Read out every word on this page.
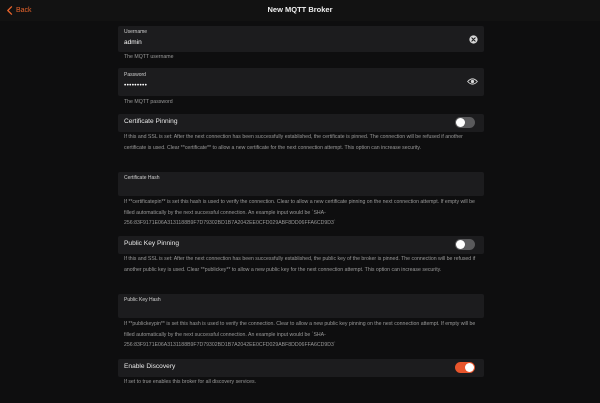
Back	New MQTT Broker
Username
admin
The MQTT username
Password
•••••••••
The MQTT password
Certificate Pinning
If this and SSL is set: After the next connection has been successfully established, the certificate is pinned. The connection will be refused if another certificate is used. Clear **certificate** to allow a new certificate for the next connection attempt. This option can increase security.
Certificate Hash
If **certificatepin** is set this hash is used to verify the connection. Clear to allow a new certificate pinning on the next connection attempt. If empty will be filled automatically by the next successful connection. An example input would be `SHA-256:83F9171E06A3131188B9F7D79302BD1B7A2042EE0CFD029ABF8DD06FFA6CD9D3`
Public Key Pinning
If this and SSL is set: After the next connection has been successfully established, the public key of the broker is pinned. The connection will be refused if another public key is used. Clear **publickey** to allow a new public key for the next connection attempt. This option can increase security.
Public Key Hash
If **publickeypin** is set this hash is used to verify the connection. Clear to allow a new public key pinning on the next connection attempt. If empty will be filled automatically by the next successful connection. An example input would be `SHA-256:83F9171E06A3131188B9F7D79302BD1B7A2042EE0CFD029ABF8DD06FFA6CD9D3`
Enable Discovery
If set to true enables this broker for all discovery services.
